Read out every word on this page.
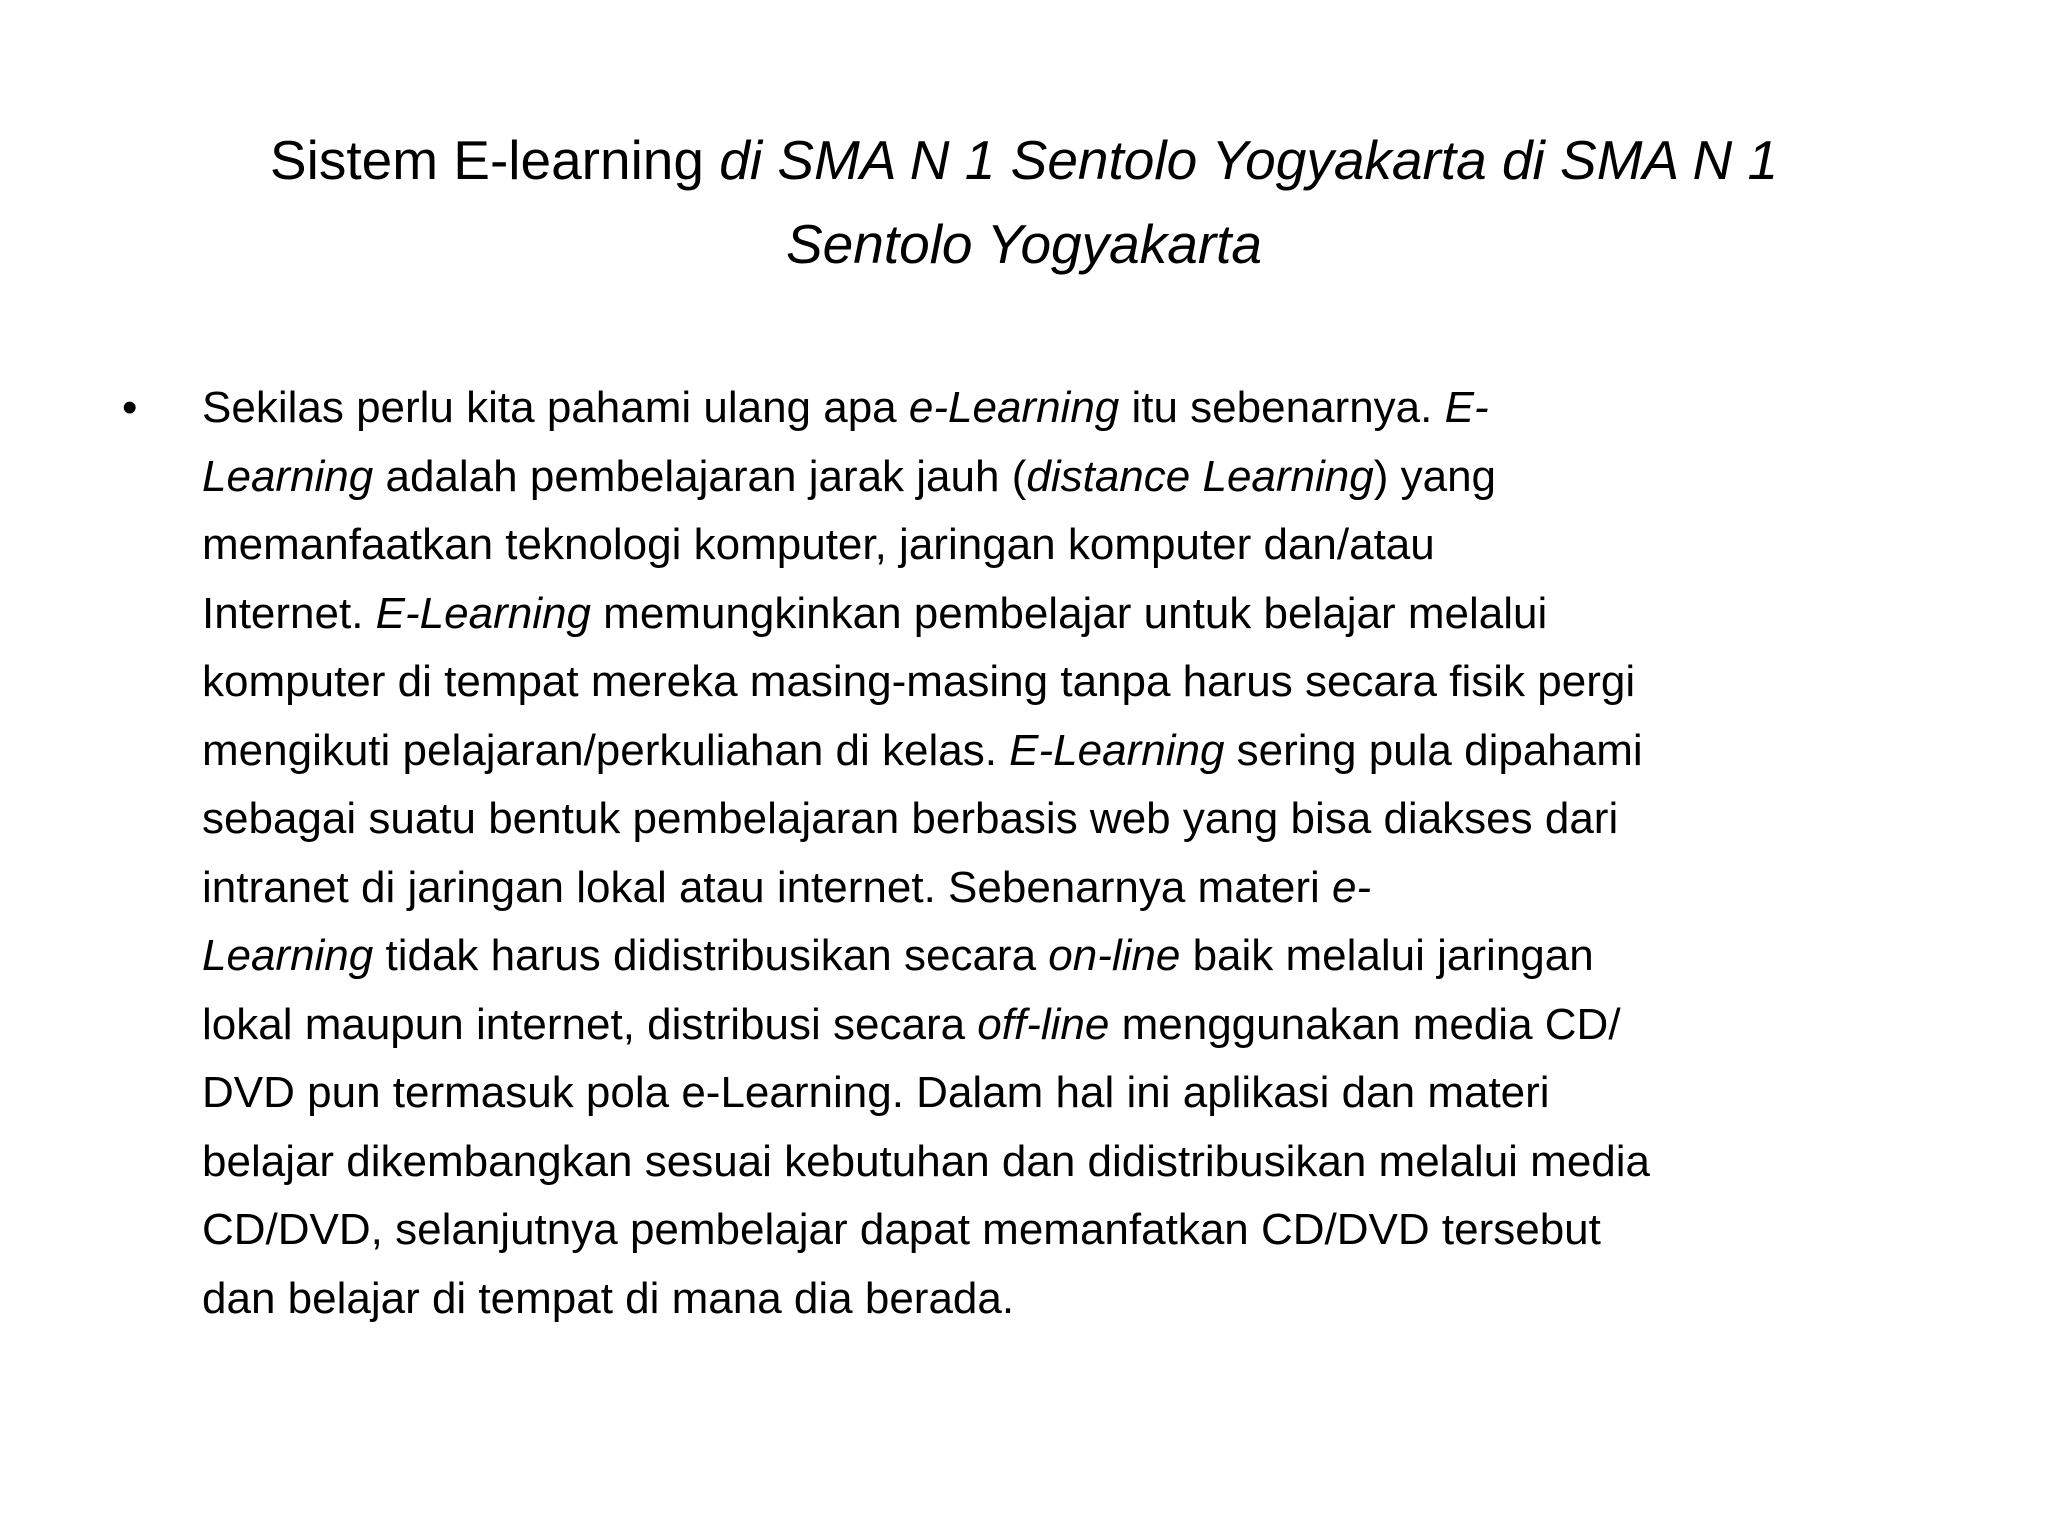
Sistem E-learning di SMA N 1 Sentolo Yogyakarta di SMA N 1
Sentolo Yogyakarta
• Sekilas perlu kita pahami ulang apa e-Learning itu sebenarnya. E-
Learning adalah pembelajaran jarak jauh (distance Learning) yang
memanfaatkan teknologi komputer, jaringan komputer dan/atau
Internet. E-Learning memungkinkan pembelajar untuk belajar melalui
komputer di tempat mereka masing-masing tanpa harus secara fisik pergi
mengikuti pelajaran/perkuliahan di kelas. E-Learning sering pula dipahami
sebagai suatu bentuk pembelajaran berbasis web yang bisa diakses dari
intranet di jaringan lokal atau internet. Sebenarnya materi e-
Learning tidak harus didistribusikan secara on-line baik melalui jaringan
lokal maupun internet, distribusi secara off-line menggunakan media CD/
DVD pun termasuk pola e-Learning. Dalam hal ini aplikasi dan materi
belajar dikembangkan sesuai kebutuhan dan didistribusikan melalui media
CD/DVD, selanjutnya pembelajar dapat memanfatkan CD/DVD tersebut
dan belajar di tempat di mana dia berada.
